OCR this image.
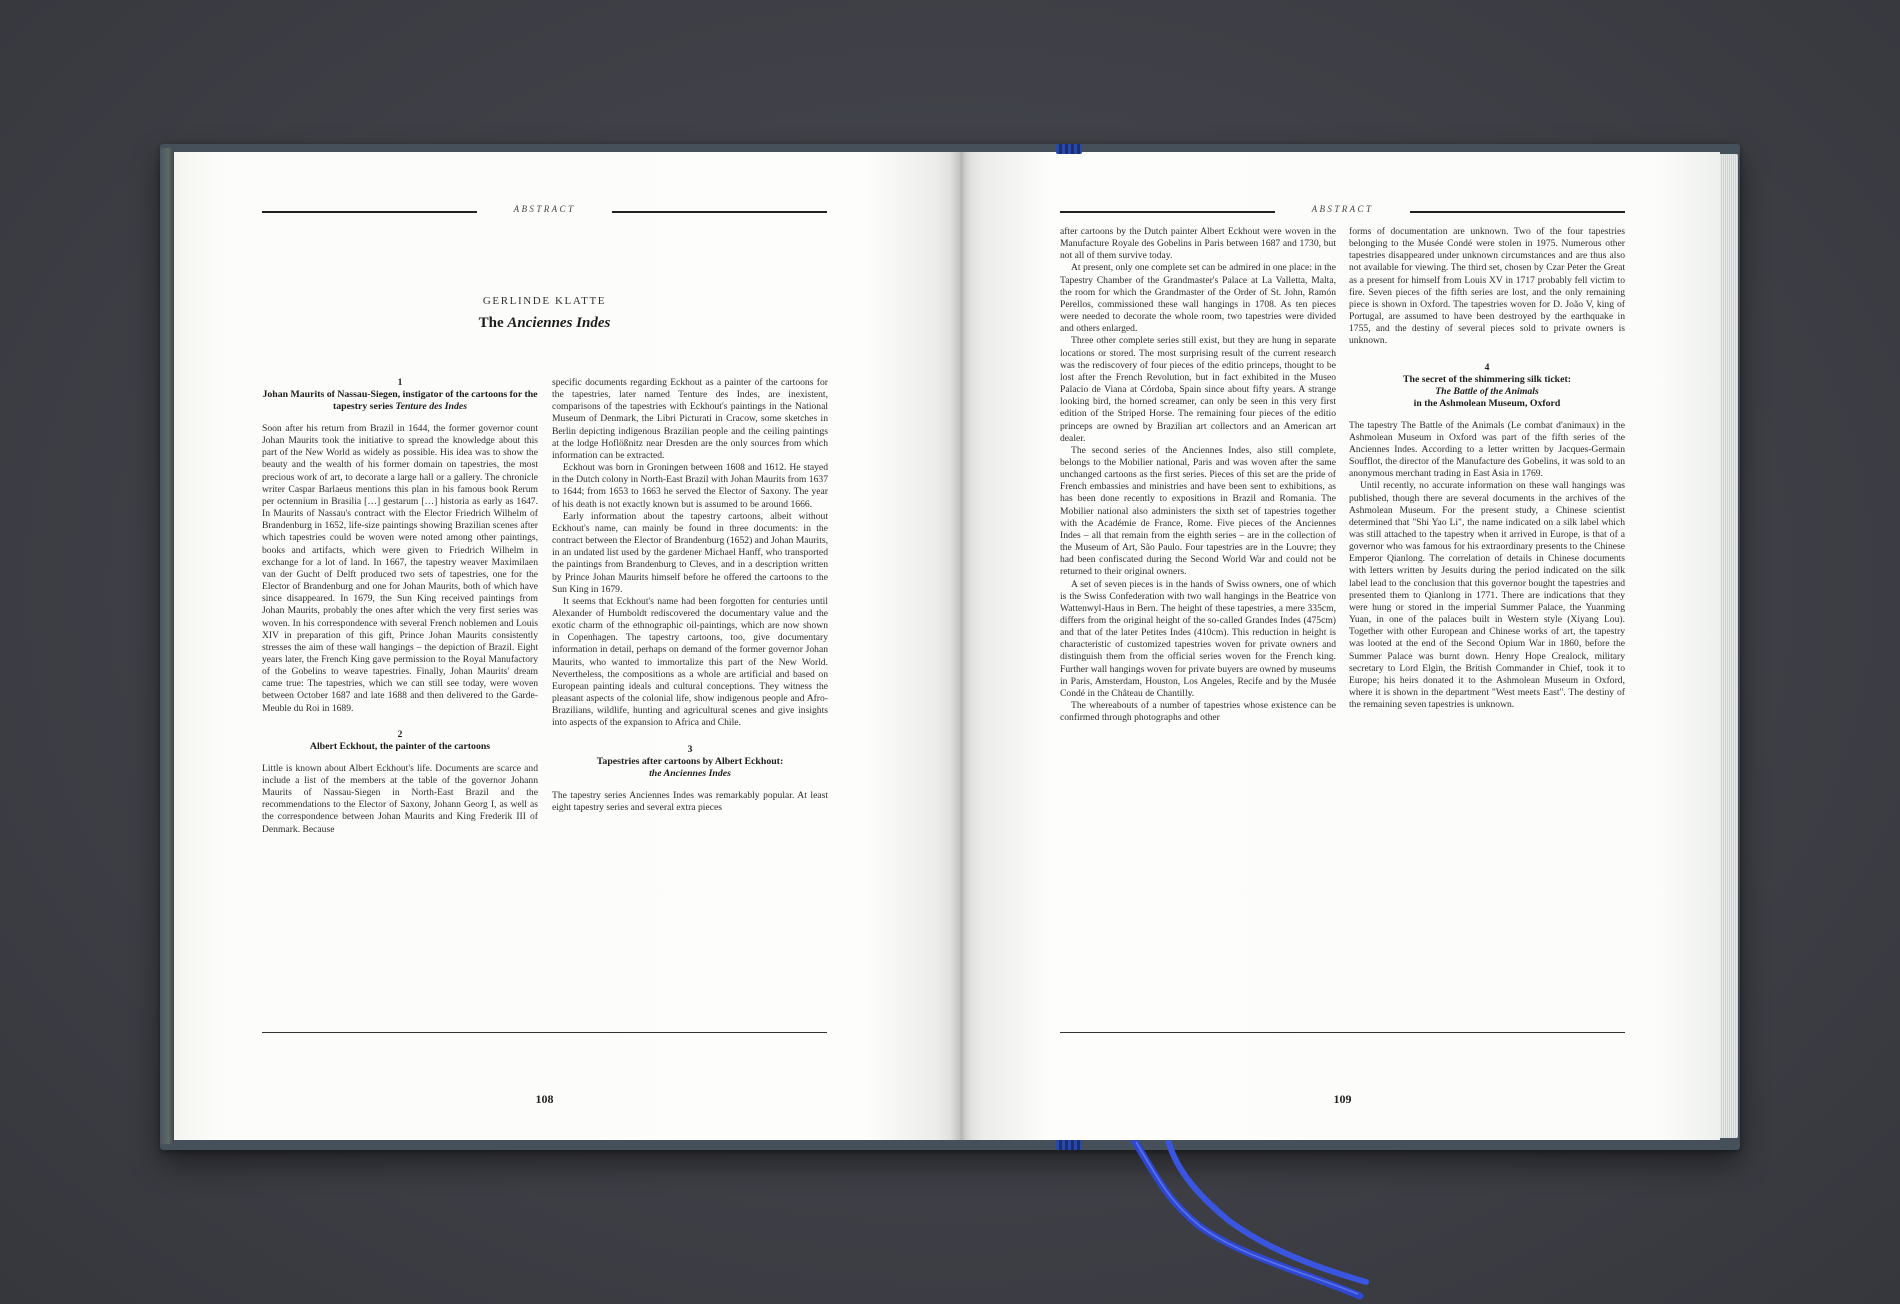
ABSTRACT
GERLINDE KLATTE
The Anciennes Indes
1
Johan Maurits of Nassau-Siegen, instigator of the cartoons for the tapestry series Tenture des Indes

Soon after his return from Brazil in 1644, the former governor count Johan Maurits took the initiative to spread the knowledge about this part of the New World as widely as possible. His idea was to show the beauty and the wealth of his former domain on tapestries, the most precious work of art, to decorate a large hall or a gallery. The chronicle writer Caspar Barlaeus mentions this plan in his famous book Rerum per octennium in Brasilia […] gestarum […] historia as early as 1647. In Maurits of Nassau's contract with the Elector Friedrich Wilhelm of Brandenburg in 1652, life-size paintings showing Brazilian scenes after which tapestries could be woven were noted among other paintings, books and artifacts, which were given to Friedrich Wilhelm in exchange for a lot of land. In 1667, the tapestry weaver Maximilaen van der Gucht of Delft produced two sets of tapestries, one for the Elector of Brandenburg and one for Johan Maurits, both of which have since disappeared. In 1679, the Sun King received paintings from Johan Maurits, probably the ones after which the very first series was woven. In his correspondence with several French noblemen and Louis XIV in preparation of this gift, Prince Johan Maurits consistently stresses the aim of these wall hangings – the depiction of Brazil. Eight years later, the French King gave permission to the Royal Manufactory of the Gobelins to weave tapestries. Finally, Johan Maurits' dream came true: The tapestries, which we can still see today, were woven between October 1687 and late 1688 and then delivered to the Garde-Meuble du Roi in 1689.

2
Albert Eckhout, the painter of the cartoons

Little is known about Albert Eckhout's life. Documents are scarce and include a list of the members at the table of the governor Johann Maurits of Nassau-Siegen in North-East Brazil and the recommendations to the Elector of Saxony, Johann Georg I, as well as the correspondence between Johan Maurits and King Frederik III of Denmark. Because

specific documents regarding Eckhout as a painter of the cartoons for the tapestries, later named Tenture des Indes, are inexistent, comparisons of the tapestries with Eckhout's paintings in the National Museum of Denmark, the Libri Picturati in Cracow, some sketches in Berlin depicting indigenous Brazilian people and the ceiling paintings at the lodge Hoflößnitz near Dresden are the only sources from which information can be extracted.

Eckhout was born in Groningen between 1608 and 1612. He stayed in the Dutch colony in North-East Brazil with Johan Maurits from 1637 to 1644; from 1653 to 1663 he served the Elector of Saxony. The year of his death is not exactly known but is assumed to be around 1666.

Early information about the tapestry cartoons, albeit without Eckhout's name, can mainly be found in three documents: in the contract between the Elector of Brandenburg (1652) and Johan Maurits, in an undated list used by the gardener Michael Hanff, who transported the paintings from Brandenburg to Cleves, and in a description written by Prince Johan Maurits himself before he offered the cartoons to the Sun King in 1679.

It seems that Eckhout's name had been forgotten for centuries until Alexander of Humboldt rediscovered the documentary value and the exotic charm of the ethnographic oil-paintings, which are now shown in Copenhagen. The tapestry cartoons, too, give documentary information in detail, perhaps on demand of the former governor Johan Maurits, who wanted to immortalize this part of the New World. Nevertheless, the compositions as a whole are artificial and based on European painting ideals and cultural conceptions. They witness the pleasant aspects of the colonial life, show indigenous people and Afro-Brazilians, wildlife, hunting and agricultural scenes and give insights into aspects of the expansion to Africa and Chile.

3
Tapestries after cartoons by Albert Eckhout:
the Anciennes Indes

The tapestry series Anciennes Indes was remarkably popular. At least eight tapestry series and several extra pieces

108
ABSTRACT

after cartoons by the Dutch painter Albert Eckhout were woven in the Manufacture Royale des Gobelins in Paris between 1687 and 1730, but not all of them survive today.

At present, only one complete set can be admired in one place: in the Tapestry Chamber of the Grandmaster's Palace at La Valletta, Malta, the room for which the Grandmaster of the Order of St. John, Ramón Perellos, commissioned these wall hangings in 1708. As ten pieces were needed to decorate the whole room, two tapestries were divided and others enlarged.

Three other complete series still exist, but they are hung in separate locations or stored. The most surprising result of the current research was the rediscovery of four pieces of the editio princeps, thought to be lost after the French Revolution, but in fact exhibited in the Museo Palacio de Viana at Córdoba, Spain since about fifty years. A strange looking bird, the horned screamer, can only be seen in this very first edition of the Striped Horse. The remaining four pieces of the editio princeps are owned by Brazilian art collectors and an American art dealer.

The second series of the Anciennes Indes, also still complete, belongs to the Mobilier national, Paris and was woven after the same unchanged cartoons as the first series. Pieces of this set are the pride of French embassies and ministries and have been sent to exhibitions, as has been done recently to expositions in Brazil and Romania. The Mobilier national also administers the sixth set of tapestries together with the Académie de France, Rome. Five pieces of the Anciennes Indes – all that remain from the eighth series – are in the collection of the Museum of Art, São Paulo. Four tapestries are in the Louvre; they had been confiscated during the Second World War and could not be returned to their original owners.

A set of seven pieces is in the hands of Swiss owners, one of which is the Swiss Confederation with two wall hangings in the Beatrice von Wattenwyl-Haus in Bern. The height of these tapestries, a mere 335cm, differs from the original height of the so-called Grandes Indes (475cm) and that of the later Petites Indes (410cm). This reduction in height is characteristic of customized tapestries woven for private owners and distinguish them from the official series woven for the French king. Further wall hangings woven for private buyers are owned by museums in Paris, Amsterdam, Houston, Los Angeles, Recife and by the Musée Condé in the Château de Chantilly.

The whereabouts of a number of tapestries whose existence can be confirmed through photographs and other

forms of documentation are unknown. Two of the four tapestries belonging to the Musée Condé were stolen in 1975. Numerous other tapestries disappeared under unknown circumstances and are thus also not available for viewing. The third set, chosen by Czar Peter the Great as a present for himself from Louis XV in 1717 probably fell victim to fire. Seven pieces of the fifth series are lost, and the only remaining piece is shown in Oxford. The tapestries woven for D. João V, king of Portugal, are assumed to have been destroyed by the earthquake in 1755, and the destiny of several pieces sold to private owners is unknown.

4
The secret of the shimmering silk ticket:
The Battle of the Animals
in the Ashmolean Museum, Oxford

The tapestry The Battle of the Animals (Le combat d'animaux) in the Ashmolean Museum in Oxford was part of the fifth series of the Anciennes Indes. According to a letter written by Jacques-Germain Soufflot, the director of the Manufacture des Gobelins, it was sold to an anonymous merchant trading in East Asia in 1769.

Until recently, no accurate information on these wall hangings was published, though there are several documents in the archives of the Ashmolean Museum. For the present study, a Chinese scientist determined that "Shi Yao Li", the name indicated on a silk label which was still attached to the tapestry when it arrived in Europe, is that of a governor who was famous for his extraordinary presents to the Chinese Emperor Qianlong. The correlation of details in Chinese documents with letters written by Jesuits during the period indicated on the silk label lead to the conclusion that this governor bought the tapestries and presented them to Qianlong in 1771. There are indications that they were hung or stored in the imperial Summer Palace, the Yuanming Yuan, in one of the palaces built in Western style (Xiyang Lou). Together with other European and Chinese works of art, the tapestry was looted at the end of the Second Opium War in 1860, before the Summer Palace was burnt down. Henry Hope Crealock, military secretary to Lord Elgin, the British Commander in Chief, took it to Europe; his heirs donated it to the Ashmolean Museum in Oxford, where it is shown in the department "West meets East". The destiny of the remaining seven tapestries is unknown.

109
